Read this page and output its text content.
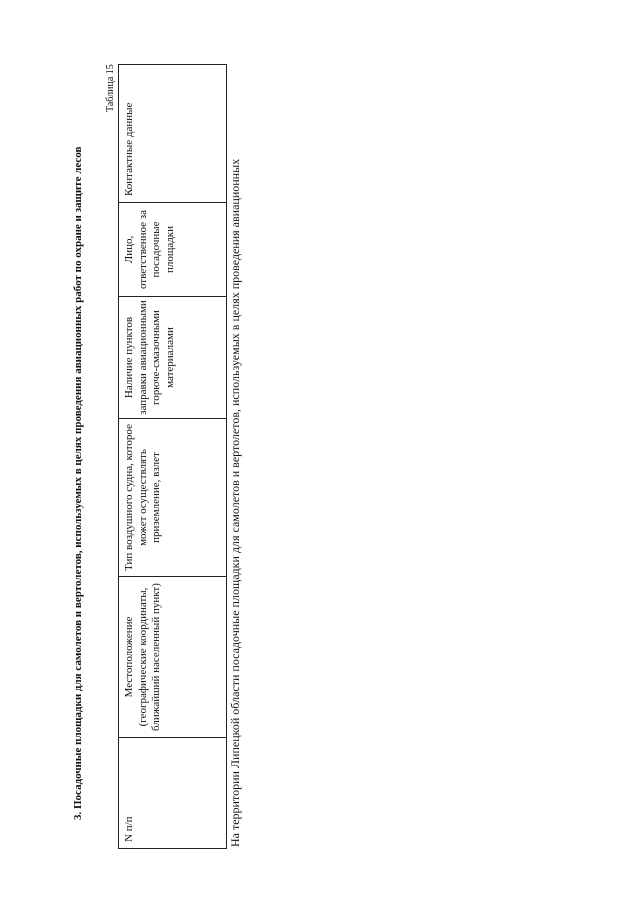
3. Посадочные площадки для самолетов и вертолетов, используемых в целях проведения авиационных работ по охране и защите лесов
Таблица 15
N п/п	Местоположение (географические координаты, ближайший населенный пункт)	Тип воздушного судна, которое может осуществлять приземление, взлет	Наличие пунктов заправки авиационными горюче-смазочными материалами	Лицо, ответственное за посадочные площадки	Контактные данные
На территории Липецкой области посадочные площадки для самолетов и вертолетов, используемых в целях проведения авиационных
